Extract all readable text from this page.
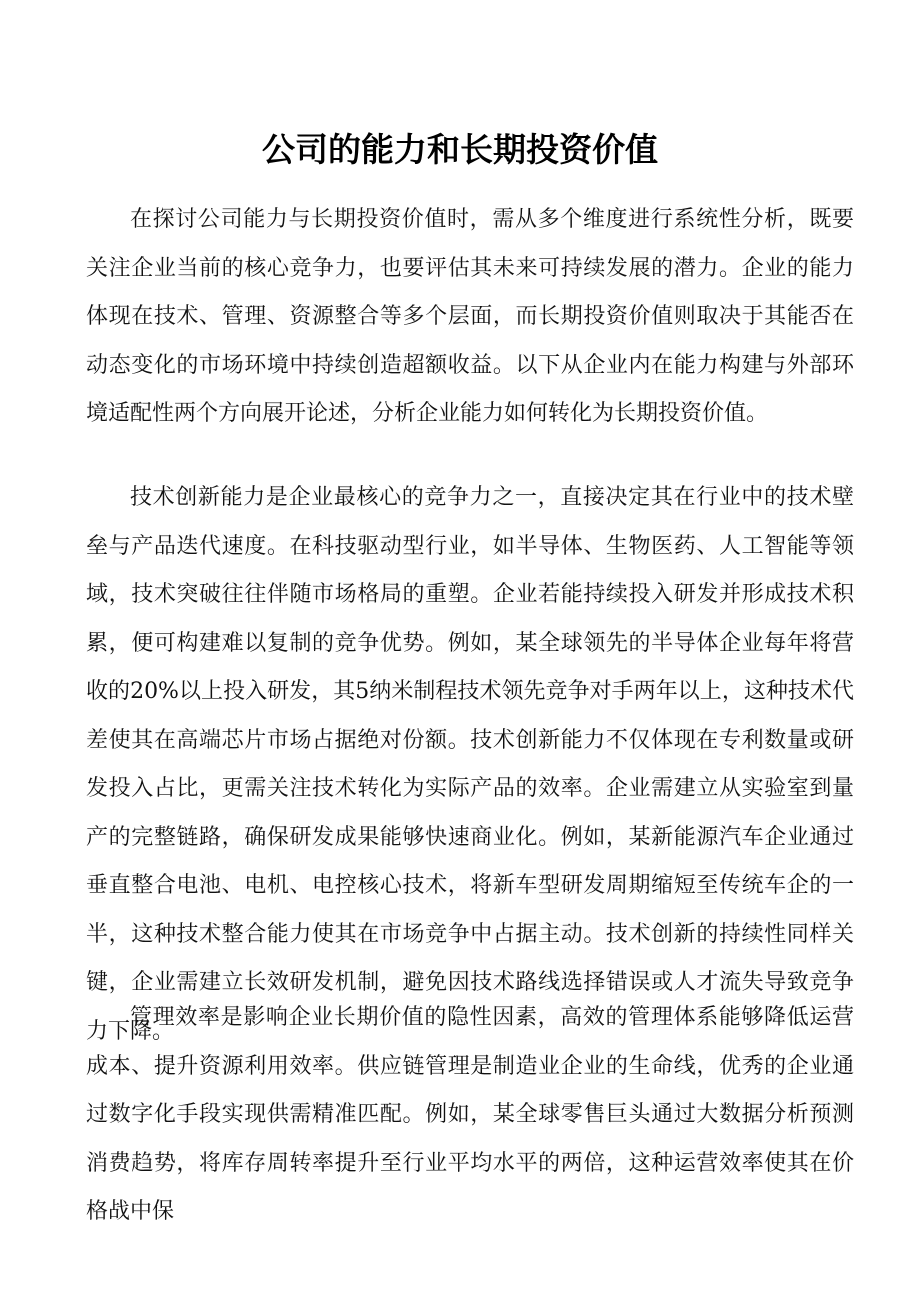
公司的能力和长期投资价值

在探讨公司能力与长期投资价值时，需从多个维度进行系统性分析，既要关注企业当前的核心竞争力，也要评估其未来可持续发展的潜力。企业的能力体现在技术、管理、资源整合等多个层面，而长期投资价值则取决于其能否在动态变化的市场环境中持续创造超额收益。以下从企业内在能力构建与外部环境适配性两个方向展开论述，分析企业能力如何转化为长期投资价值。

技术创新能力是企业最核心的竞争力之一，直接决定其在行业中的技术壁垒与产品迭代速度。在科技驱动型行业，如半导体、生物医药、人工智能等领域，技术突破往往伴随市场格局的重塑。企业若能持续投入研发并形成技术积累，便可构建难以复制的竞争优势。例如，某全球领先的半导体企业每年将营收的20%以上投入研发，其5纳米制程技术领先竞争对手两年以上，这种技术代差使其在高端芯片市场占据绝对份额。技术创新能力不仅体现在专利数量或研发投入占比，更需关注技术转化为实际产品的效率。企业需建立从实验室到量产的完整链路，确保研发成果能够快速商业化。例如，某新能源汽车企业通过垂直整合电池、电机、电控核心技术，将新车型研发周期缩短至传统车企的一半，这种技术整合能力使其在市场竞争中占据主动。技术创新的持续性同样关键，企业需建立长效研发机制，避免因技术路线选择错误或人才流失导致竞争力下降。

管理效率是影响企业长期价值的隐性因素，高效的管理体系能够降低运营成本、提升资源利用效率。供应链管理是制造业企业的生命线，优秀的企业通过数字化手段实现供需精准匹配。例如，某全球零售巨头通过大数据分析预测消费趋势，将库存周转率提升至行业平均水平的两倍，这种运营效率使其在价格战中保
